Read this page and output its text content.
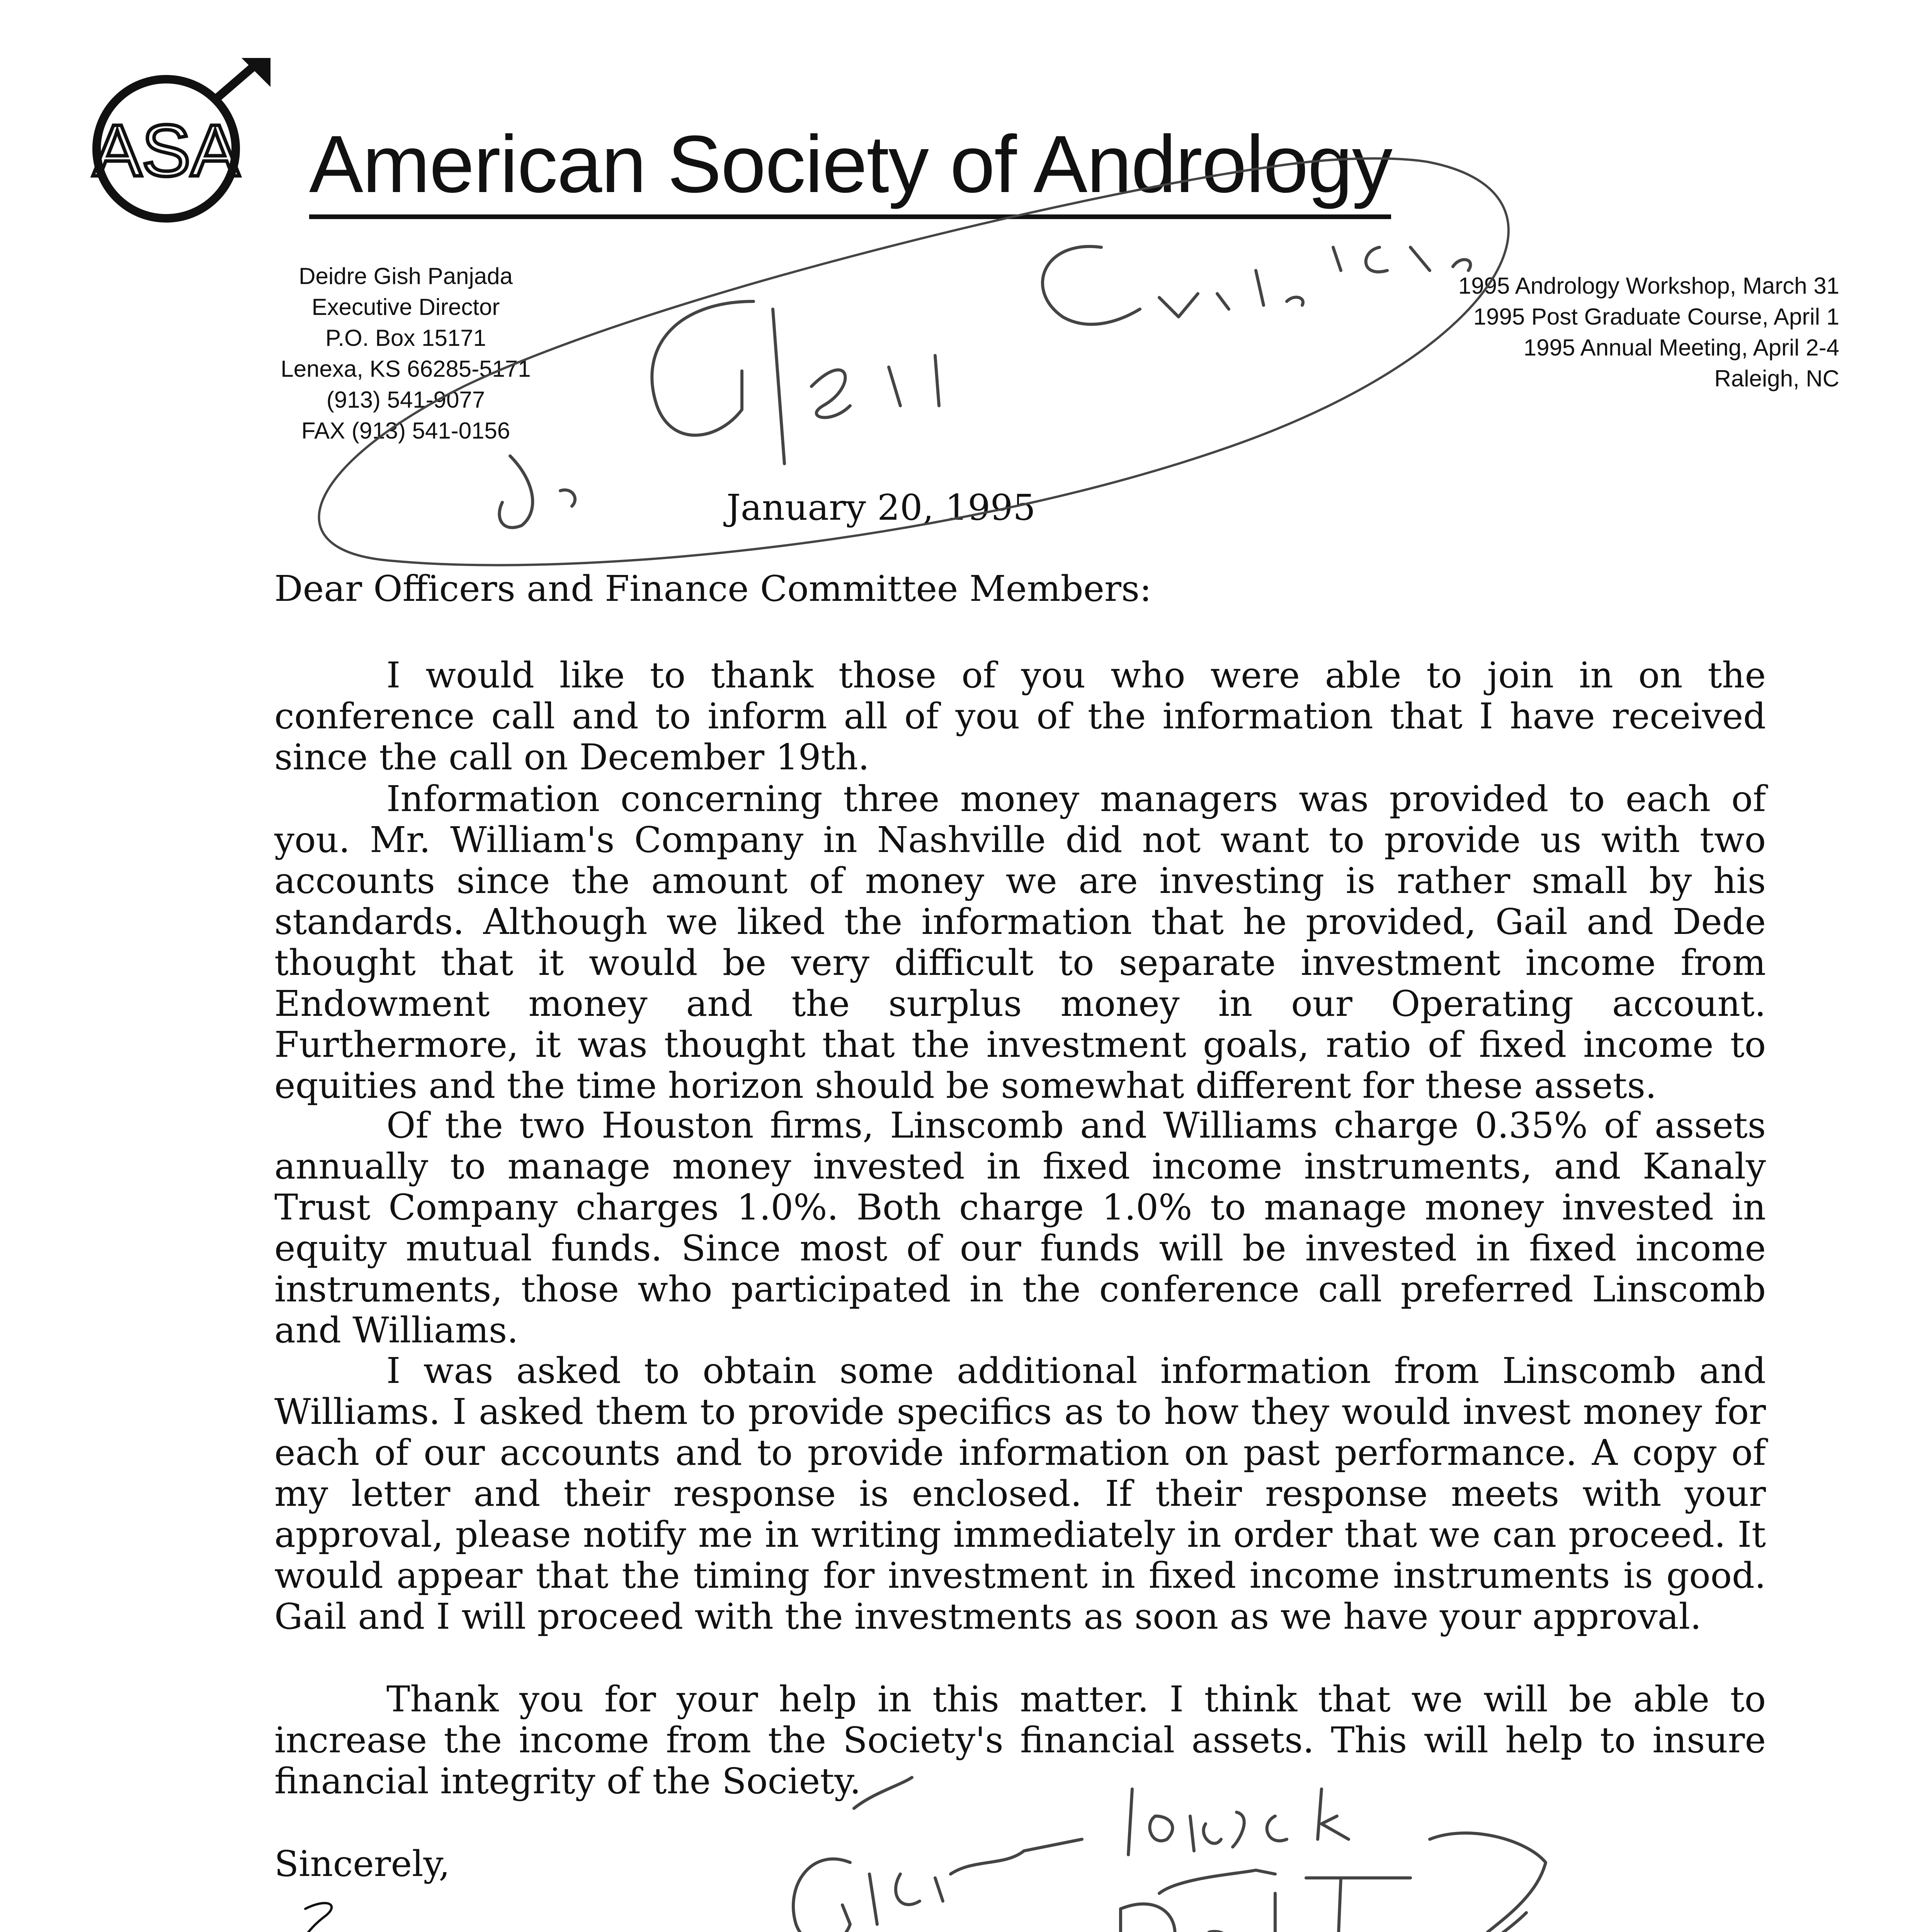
ASA American Society of Andrology
Deidre Gish Panjada
Executive Director
P.O. Box 15171
Lenexa, KS 66285-5171
(913) 541-9077
FAX (913) 541-0156
1995 Andrology Workshop, March 31
1995 Post Graduate Course, April 1
1995 Annual Meeting, April 2-4
Raleigh, NC
January 20, 1995
Dear Officers and Finance Committee Members:

I would like to thank those of you who were able to join in on the conference call and to inform all of you of the information that I have received since the call on December 19th.

Information concerning three money managers was provided to each of you. Mr. William's Company in Nashville did not want to provide us with two accounts since the amount of money we are investing is rather small by his standards. Although we liked the information that he provided, Gail and Dede thought that it would be very difficult to separate investment income from Endowment money and the surplus money in our Operating account. Furthermore, it was thought that the investment goals, ratio of fixed income to equities and the time horizon should be somewhat different for these assets.

Of the two Houston firms, Linscomb and Williams charge 0.35% of assets annually to manage money invested in fixed income instruments, and Kanaly Trust Company charges 1.0%. Both charge 1.0% to manage money invested in equity mutual funds. Since most of our funds will be invested in fixed income instruments, those who participated in the conference call preferred Linscomb and Williams.

I was asked to obtain some additional information from Linscomb and Williams. I asked them to provide specifics as to how they would invest money for each of our accounts and to provide information on past performance. A copy of my letter and their response is enclosed. If their response meets with your approval, please notify me in writing immediately in order that we can proceed. It would appear that the timing for investment in fixed income instruments is good. Gail and I will proceed with the investments as soon as we have your approval.

Thank you for your help in this matter. I think that we will be able to increase the income from the Society's financial assets. This will help to insure financial integrity of the Society.

Sincerely,
